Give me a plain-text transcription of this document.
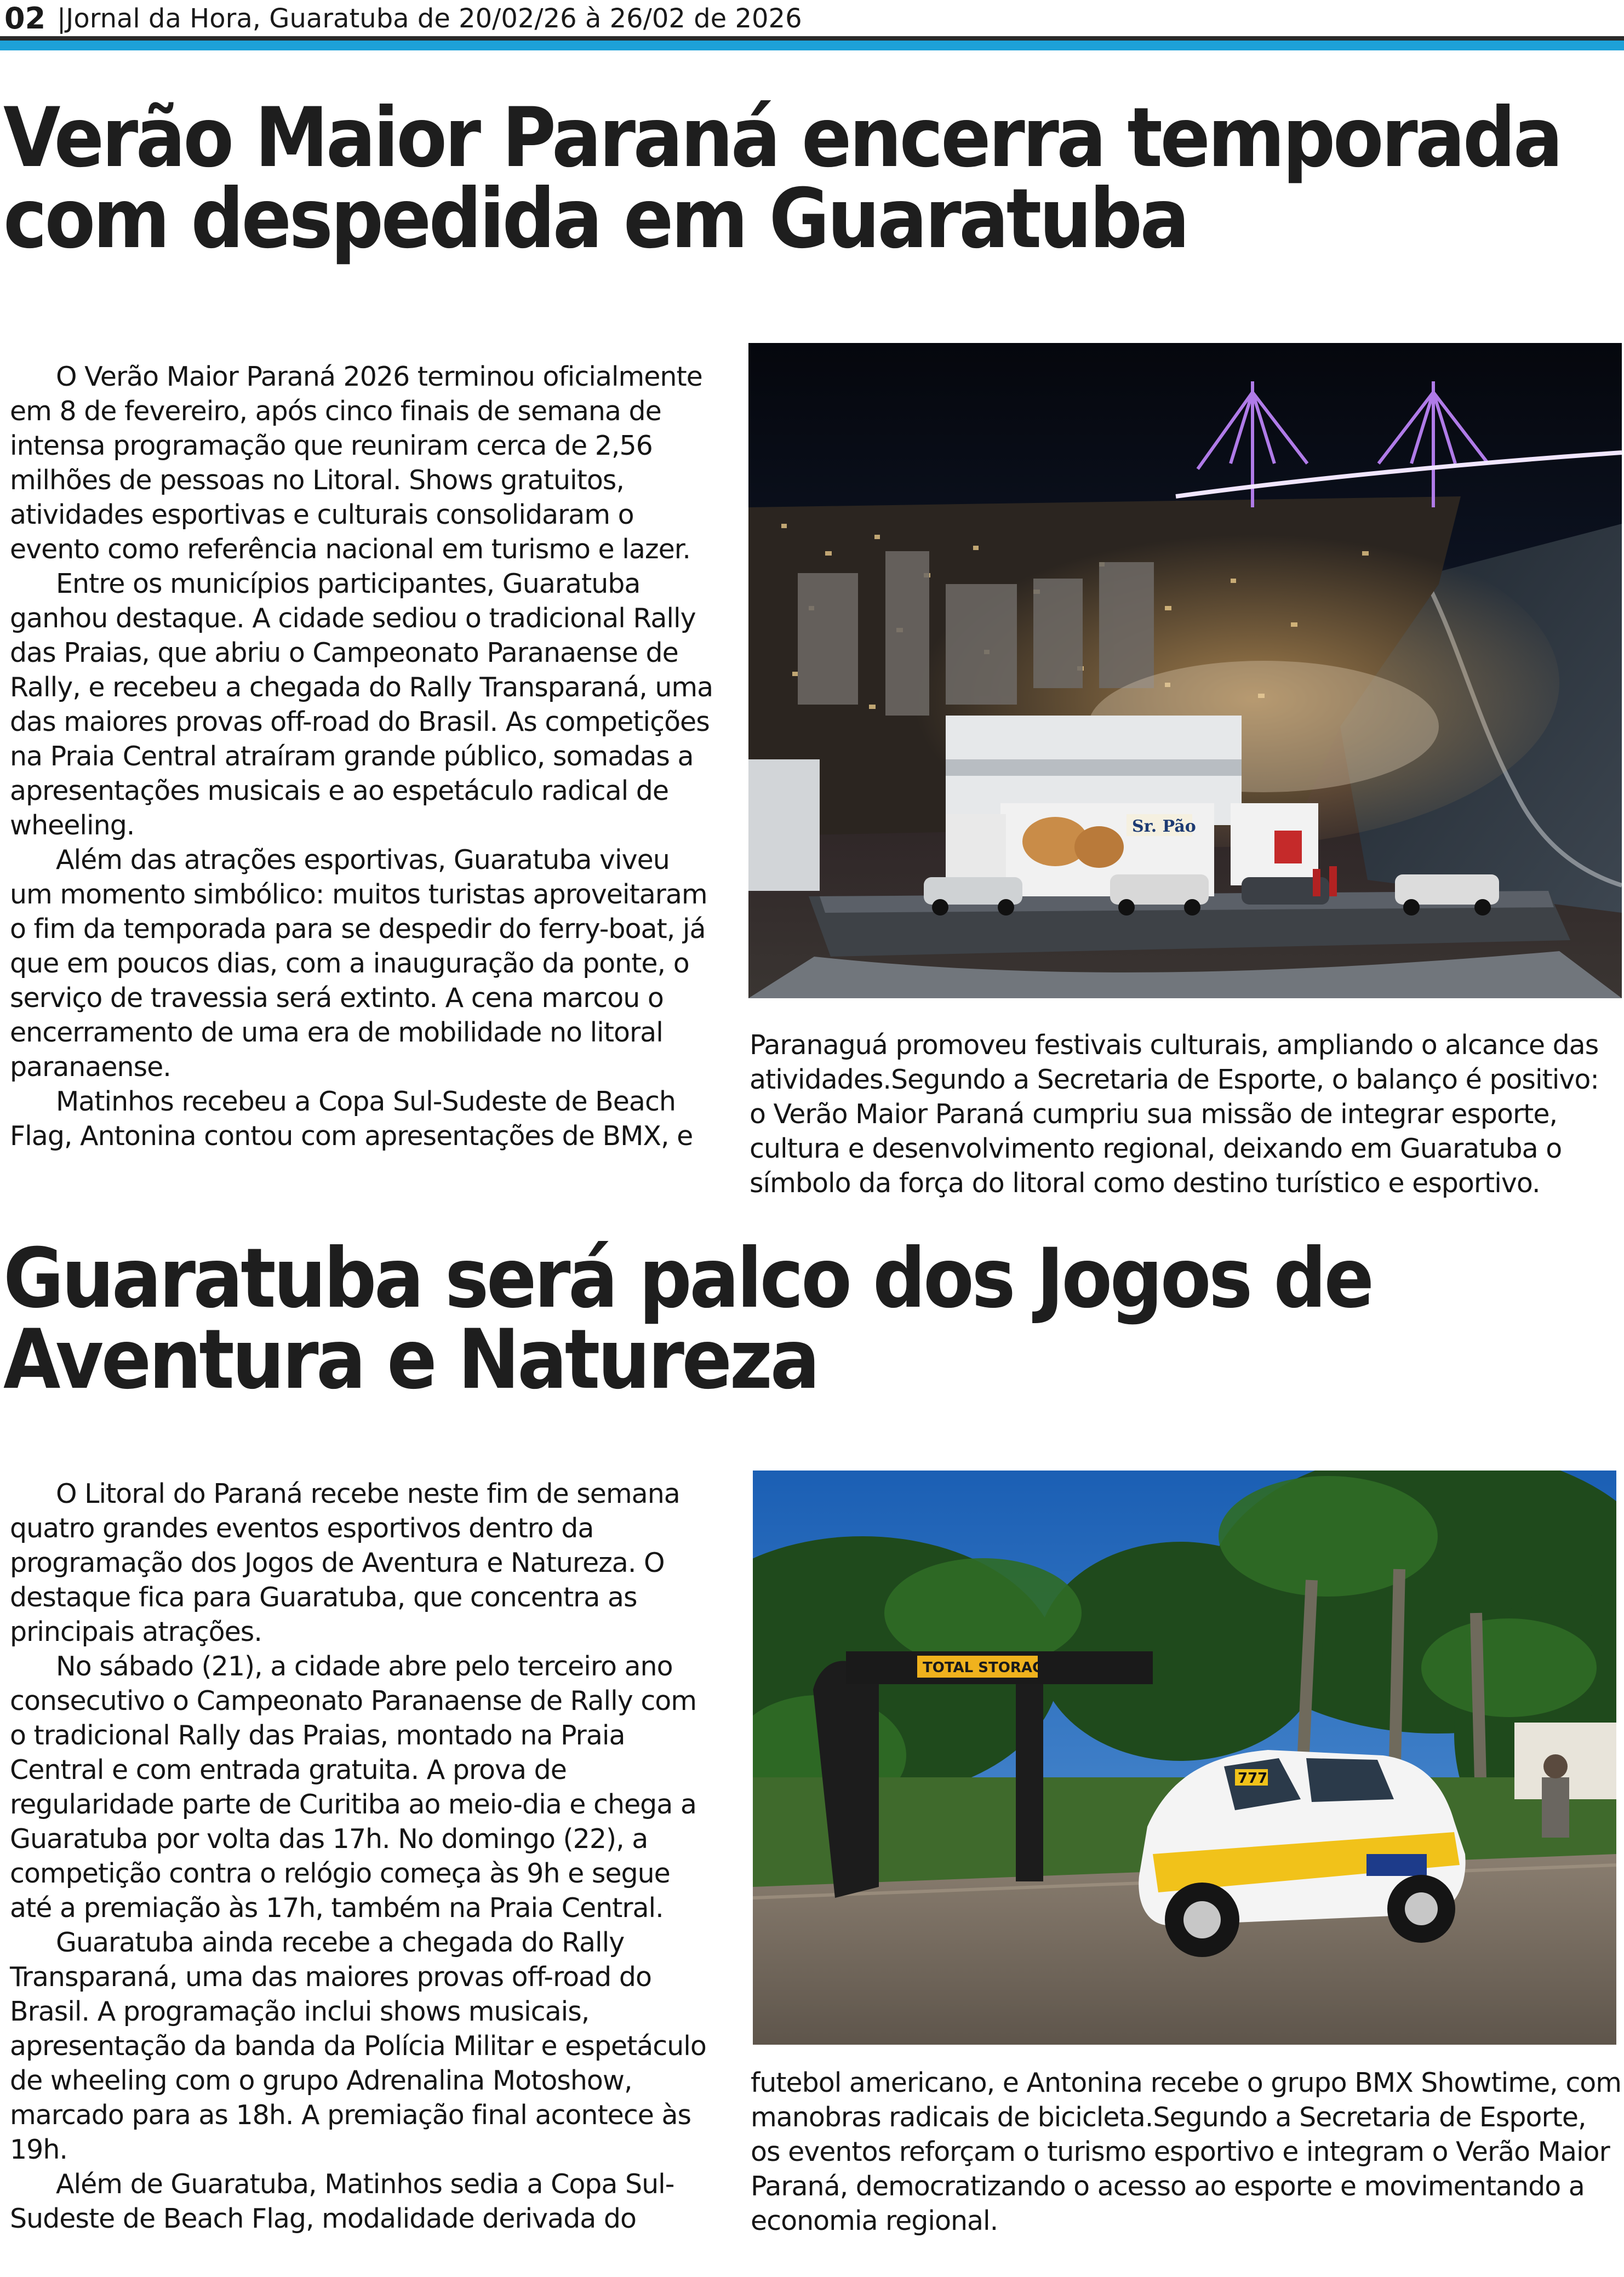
02 |Jornal da Hora, Guaratuba de 20/02/26 à 26/02 de 2026
Verão Maior Paraná encerra temporada
com despedida em Guaratuba

O Verão Maior Paraná 2026 terminou oficialmente em 8 de fevereiro, após cinco finais de semana de intensa programação que reuniram cerca de 2,56 milhões de pessoas no Litoral. Shows gratuitos, atividades esportivas e culturais consolidaram o evento como referência nacional em turismo e lazer.

Entre os municípios participantes, Guaratuba ganhou destaque. A cidade sediou o tradicional Rally das Praias, que abriu o Campeonato Paranaense de Rally, e recebeu a chegada do Rally Transparaná, uma das maiores provas off-road do Brasil. As competições na Praia Central atraíram grande público, somadas a apresentações musicais e ao espetáculo radical de wheeling.

Além das atrações esportivas, Guaratuba viveu um momento simbólico: muitos turistas aproveitaram o fim da temporada para se despedir do ferry-boat, já que em poucos dias, com a inauguração da ponte, o serviço de travessia será extinto. A cena marcou o encerramento de uma era de mobilidade no litoral paranaense.

Matinhos recebeu a Copa Sul-Sudeste de Beach Flag, Antonina contou com apresentações de BMX, e

Sr. Pão

Paranaguá promoveu festivais culturais, ampliando o alcance das atividades.Segundo a Secretaria de Esporte, o balanço é positivo: o Verão Maior Paraná cumpriu sua missão de integrar esporte, cultura e desenvolvimento regional, deixando em Guaratuba o símbolo da força do litoral como destino turístico e esportivo.

Guaratuba será palco dos Jogos de
Aventura e Natureza

O Litoral do Paraná recebe neste fim de semana quatro grandes eventos esportivos dentro da programação dos Jogos de Aventura e Natureza. O destaque fica para Guaratuba, que concentra as principais atrações.

No sábado (21), a cidade abre pelo terceiro ano consecutivo o Campeonato Paranaense de Rally com o tradicional Rally das Praias, montado na Praia Central e com entrada gratuita. A prova de regularidade parte de Curitiba ao meio-dia e chega a Guaratuba por volta das 17h. No domingo (22), a competição contra o relógio começa às 9h e segue até a premiação às 17h, também na Praia Central.

Guaratuba ainda recebe a chegada do Rally Transparaná, uma das maiores provas off-road do Brasil. A programação inclui shows musicais, apresentação da banda da Polícia Militar e espetáculo de wheeling com o grupo Adrenalina Motoshow, marcado para as 18h. A premiação final acontece às 19h.

Além de Guaratuba, Matinhos sedia a Copa Sul-Sudeste de Beach Flag, modalidade derivada do

TOTAL STORAGE
777

futebol americano, e Antonina recebe o grupo BMX Showtime, com manobras radicais de bicicleta.Segundo a Secretaria de Esporte, os eventos reforçam o turismo esportivo e integram o Verão Maior Paraná, democratizando o acesso ao esporte e movimentando a economia regional.
